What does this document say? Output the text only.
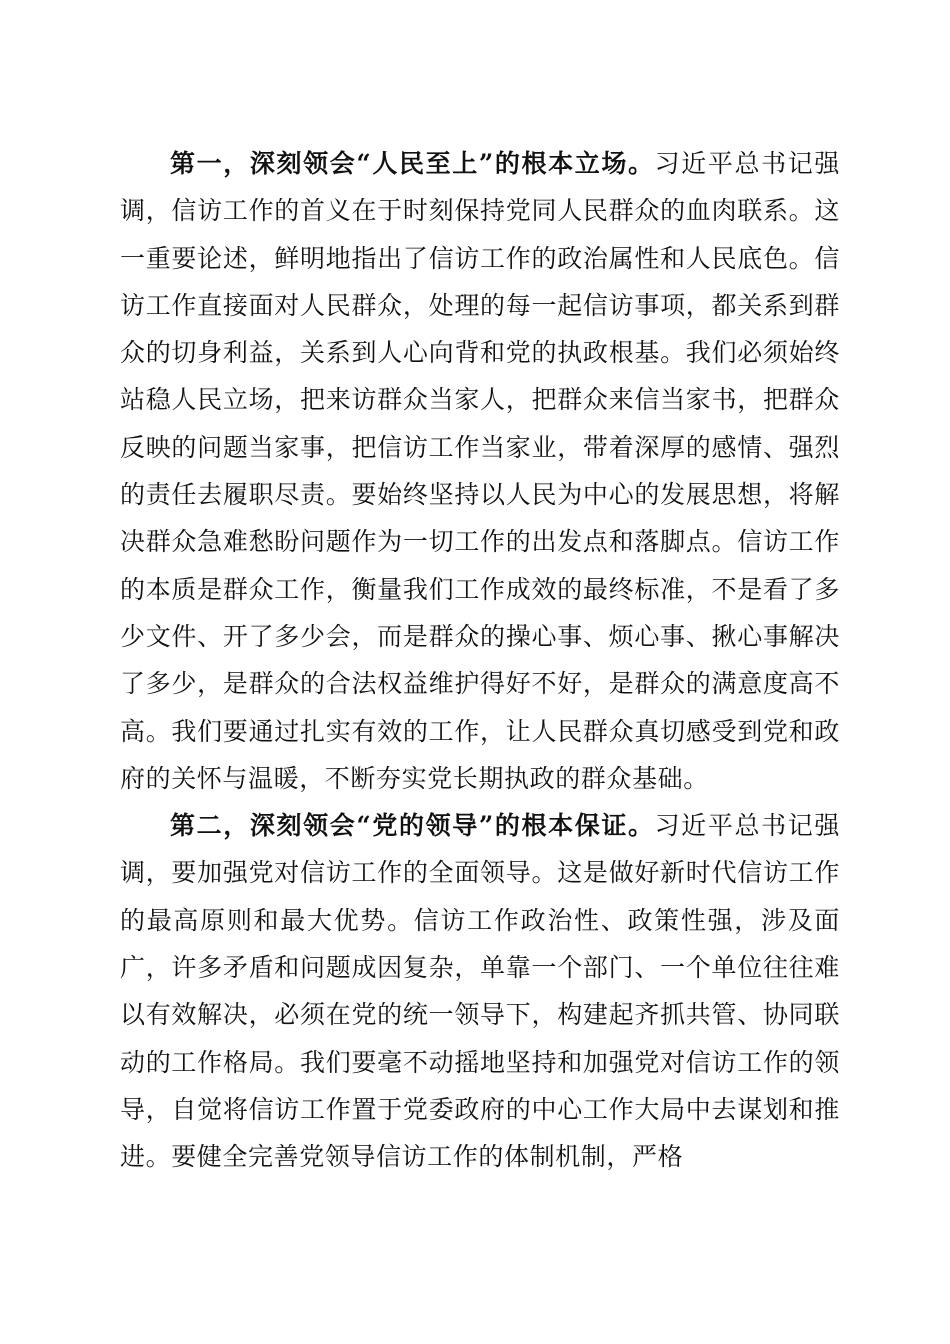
第一，深刻领会“人民至上”的根本立场。习近平总书记强调，信访工作的首义在于时刻保持党同人民群众的血肉联系。这一重要论述，鲜明地指出了信访工作的政治属性和人民底色。信访工作直接面对人民群众，处理的每一起信访事项，都关系到群众的切身利益，关系到人心向背和党的执政根基。我们必须始终站稳人民立场，把来访群众当家人，把群众来信当家书，把群众反映的问题当家事，把信访工作当家业，带着深厚的感情、强烈的责任去履职尽责。要始终坚持以人民为中心的发展思想，将解决群众急难愁盼问题作为一切工作的出发点和落脚点。信访工作的本质是群众工作，衡量我们工作成效的最终标准，不是看了多少文件、开了多少会，而是群众的操心事、烦心事、揪心事解决了多少，是群众的合法权益维护得好不好，是群众的满意度高不高。我们要通过扎实有效的工作，让人民群众真切感受到党和政府的关怀与温暖，不断夯实党长期执政的群众基础。

第二，深刻领会“党的领导”的根本保证。习近平总书记强调，要加强党对信访工作的全面领导。这是做好新时代信访工作的最高原则和最大优势。信访工作政治性、政策性强，涉及面广，许多矛盾和问题成因复杂，单靠一个部门、一个单位往往难以有效解决，必须在党的统一领导下，构建起齐抓共管、协同联动的工作格局。我们要毫不动摇地坚持和加强党对信访工作的领导，自觉将信访工作置于党委政府的中心工作大局中去谋划和推进。要健全完善党领导信访工作的体制机制，严格
